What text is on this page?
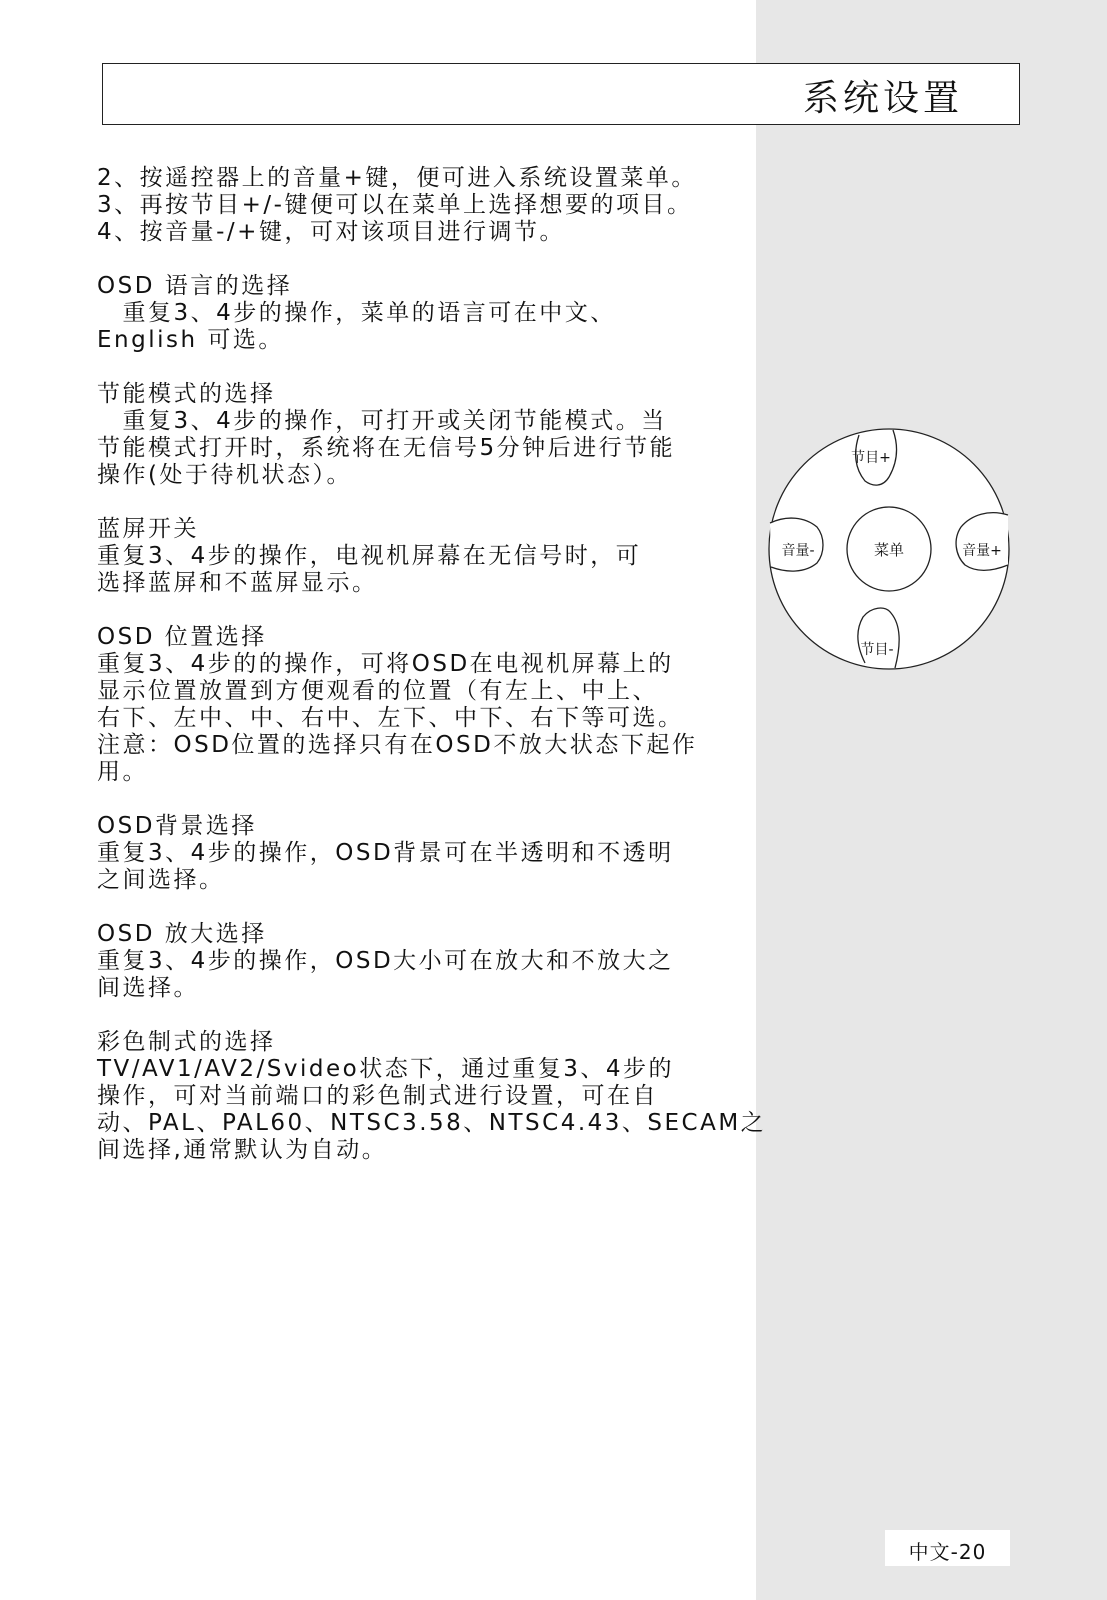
系统设置
2、按遥控器上的音量+键，便可进入系统设置菜单。
3、再按节目+/-键便可以在菜单上选择想要的项目。
4、按音量-/+键，可对该项目进行调节。
OSD 语言的选择
　重复3、4步的操作，菜单的语言可在中文、
English 可选。
节能模式的选择
　重复3、4步的操作，可打开或关闭节能模式。当
节能模式打开时，系统将在无信号5分钟后进行节能
操作(处于待机状态）。
蓝屏开关
重复3、4步的操作，电视机屏幕在无信号时，可
选择蓝屏和不蓝屏显示。
OSD 位置选择
重复3、4步的的操作，可将OSD在电视机屏幕上的
显示位置放置到方便观看的位置（有左上、中上、
右下、左中、中、右中、左下、中下、右下等可选。
注意：OSD位置的选择只有在OSD不放大状态下起作
用。
OSD背景选择
重复3、4步的操作，OSD背景可在半透明和不透明
之间选择。
OSD 放大选择
重复3、4步的操作，OSD大小可在放大和不放大之
间选择。
彩色制式的选择
TV/AV1/AV2/Svideo状态下，通过重复3、4步的
操作，可对当前端口的彩色制式进行设置，可在自
动、PAL、PAL60、NTSC3.58、NTSC4.43、SECAM之
间选择,通常默认为自动。
节目+
节目-
音量-	音量+
菜单
中文-20
